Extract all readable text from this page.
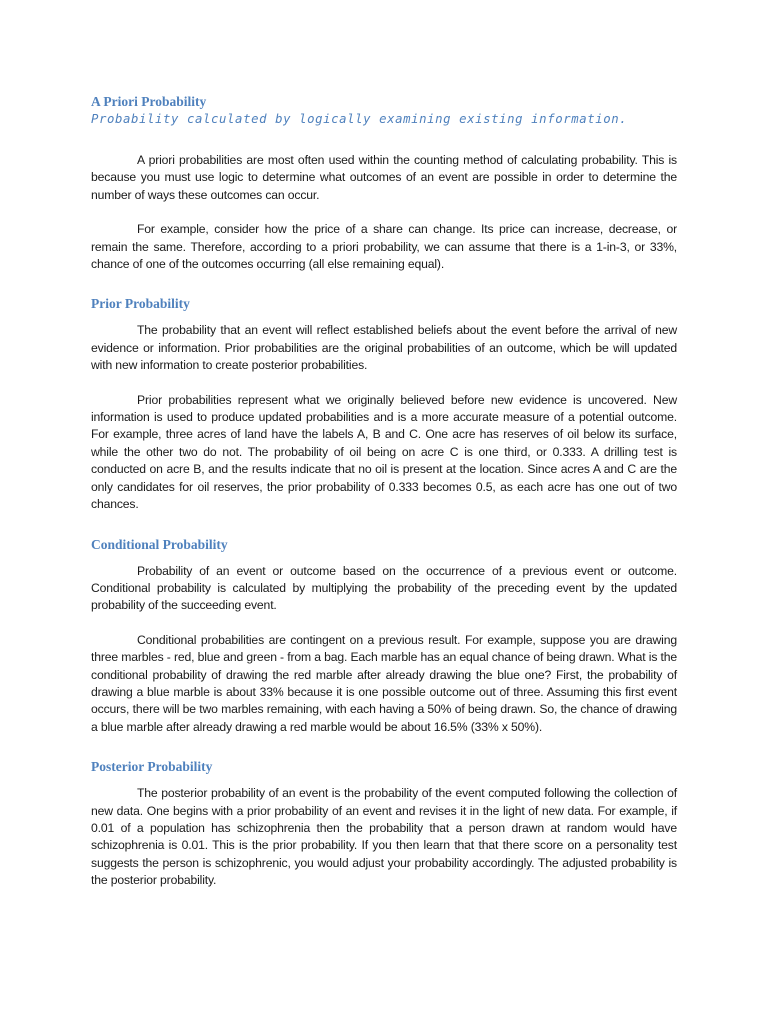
A Priori Probability
Probability calculated by logically examining existing information.

A priori probabilities are most often used within the counting method of calculating probability. This is because you must use logic to determine what outcomes of an event are possible in order to determine the number of ways these outcomes can occur.

For example, consider how the price of a share can change. Its price can increase, decrease, or remain the same. Therefore, according to a priori probability, we can assume that there is a 1-in-3, or 33%, chance of one of the outcomes occurring (all else remaining equal).

Prior Probability

The probability that an event will reflect established beliefs about the event before the arrival of new evidence or information. Prior probabilities are the original probabilities of an outcome, which be will updated with new information to create posterior probabilities.

Prior probabilities represent what we originally believed before new evidence is uncovered. New information is used to produce updated probabilities and is a more accurate measure of a potential outcome. For example, three acres of land have the labels A, B and C. One acre has reserves of oil below its surface, while the other two do not. The probability of oil being on acre C is one third, or 0.333. A drilling test is conducted on acre B, and the results indicate that no oil is present at the location. Since acres A and C are the only candidates for oil reserves, the prior probability of 0.333 becomes 0.5, as each acre has one out of two chances.

Conditional Probability

Probability of an event or outcome based on the occurrence of a previous event or outcome. Conditional probability is calculated by multiplying the probability of the preceding event by the updated probability of the succeeding event.

Conditional probabilities are contingent on a previous result. For example, suppose you are drawing three marbles - red, blue and green - from a bag. Each marble has an equal chance of being drawn. What is the conditional probability of drawing the red marble after already drawing the blue one? First, the probability of drawing a blue marble is about 33% because it is one possible outcome out of three. Assuming this first event occurs, there will be two marbles remaining, with each having a 50% of being drawn. So, the chance of drawing a blue marble after already drawing a red marble would be about 16.5% (33% x 50%).

Posterior Probability

The posterior probability of an event is the probability of the event computed following the collection of new data. One begins with a prior probability of an event and revises it in the light of new data. For example, if 0.01 of a population has schizophrenia then the probability that a person drawn at random would have schizophrenia is 0.01. This is the prior probability. If you then learn that that there score on a personality test suggests the person is schizophrenic, you would adjust your probability accordingly. The adjusted probability is the posterior probability.
